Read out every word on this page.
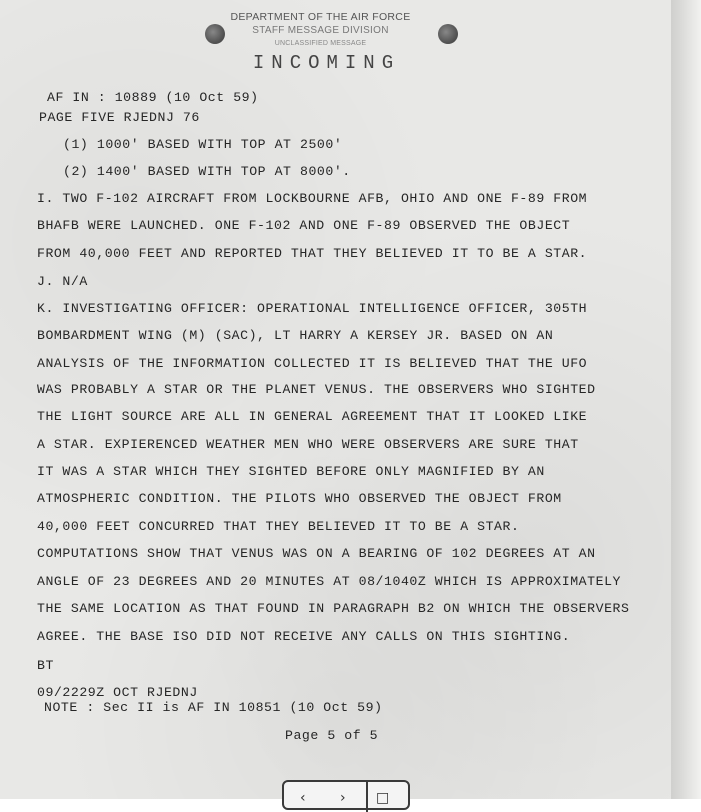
DEPARTMENT OF THE AIR FORCE
STAFF MESSAGE DIVISION
UNCLASSIFIED MESSAGE
INCOMING
AF IN : 10889 (10 Oct 59)
PAGE FIVE RJEDNJ 76
(1) 1000' BASED WITH TOP AT 2500'
(2) 1400' BASED WITH TOP AT 8000'.
I. TWO F-102 AIRCRAFT FROM LOCKBOURNE AFB, OHIO AND ONE F-89 FROM
BHAFB WERE LAUNCHED. ONE F-102 AND ONE F-89 OBSERVED THE OBJECT
FROM 40,000 FEET AND REPORTED THAT THEY BELIEVED IT TO BE A STAR.
J. N/A
K. INVESTIGATING OFFICER: OPERATIONAL INTELLIGENCE OFFICER, 305TH
BOMBARDMENT WING (M) (SAC), LT HARRY A KERSEY JR. BASED ON AN
ANALYSIS OF THE INFORMATION COLLECTED IT IS BELIEVED THAT THE UFO
WAS PROBABLY A STAR OR THE PLANET VENUS. THE OBSERVERS WHO SIGHTED
THE LIGHT SOURCE ARE ALL IN GENERAL AGREEMENT THAT IT LOOKED LIKE
A STAR. EXPIERENCED WEATHER MEN WHO WERE OBSERVERS ARE SURE THAT
IT WAS A STAR WHICH THEY SIGHTED BEFORE ONLY MAGNIFIED BY AN
ATMOSPHERIC CONDITION. THE PILOTS WHO OBSERVED THE OBJECT FROM
40,000 FEET CONCURRED THAT THEY BELIEVED IT TO BE A STAR.
COMPUTATIONS SHOW THAT VENUS WAS ON A BEARING OF 102 DEGREES AT AN
ANGLE OF 23 DEGREES AND 20 MINUTES AT 08/1040Z WHICH IS APPROXIMATELY
THE SAME LOCATION AS THAT FOUND IN PARAGRAPH B2 ON WHICH THE OBSERVERS
AGREE. THE BASE ISO DID NOT RECEIVE ANY CALLS ON THIS SIGHTING.
BT
09/2229Z OCT RJEDNJ
NOTE : Sec II is AF IN 10851 (10 Oct 59)
Page 5 of 5
‹ › □
